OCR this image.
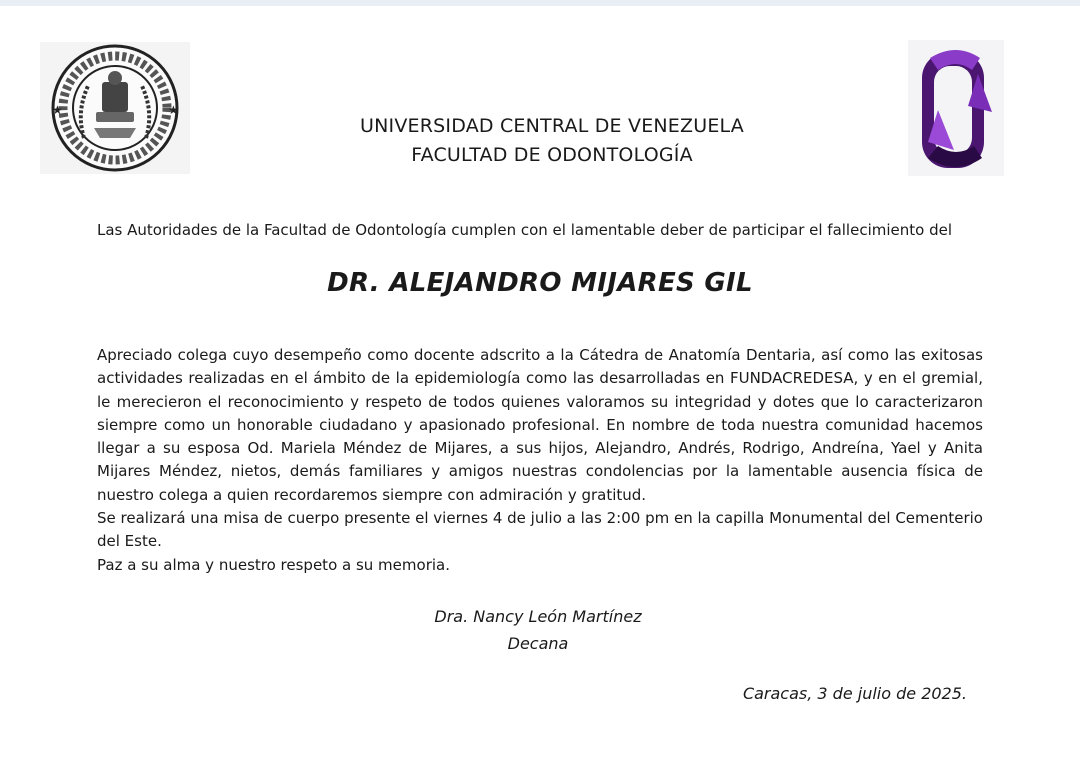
★	★
UNIVERSIDAD CENTRAL DE VENEZUELA
FACULTAD DE ODONTOLOGÍA
Las Autoridades de la Facultad de Odontología cumplen con el lamentable deber de participar el fallecimiento del
DR. ALEJANDRO MIJARES GIL

Apreciado colega cuyo desempeño como docente adscrito a la Cátedra de Anatomía Dentaria, así como las exitosas actividades realizadas en el ámbito de la epidemiología como las desarrolladas en FUNDACREDESA, y en el gremial, le merecieron el reconocimiento y respeto de todos quienes valoramos su integridad y dotes que lo caracterizaron siempre como un honorable ciudadano y apasionado profesional. En nombre de toda nuestra comunidad hacemos llegar a su esposa Od. Mariela Méndez de Mijares, a sus hijos, Alejandro, Andrés, Rodrigo, Andreína, Yael y Anita Mijares Méndez, nietos, demás familiares y amigos nuestras condolencias por la lamentable ausencia física de nuestro colega a quien recordaremos siempre con admiración y gratitud.

Se realizará una misa de cuerpo presente el viernes 4 de julio a las 2:00 pm en la capilla Monumental del Cementerio del Este.

Paz a su alma y nuestro respeto a su memoria.

Dra. Nancy León Martínez
Decana
Caracas, 3 de julio de 2025.
